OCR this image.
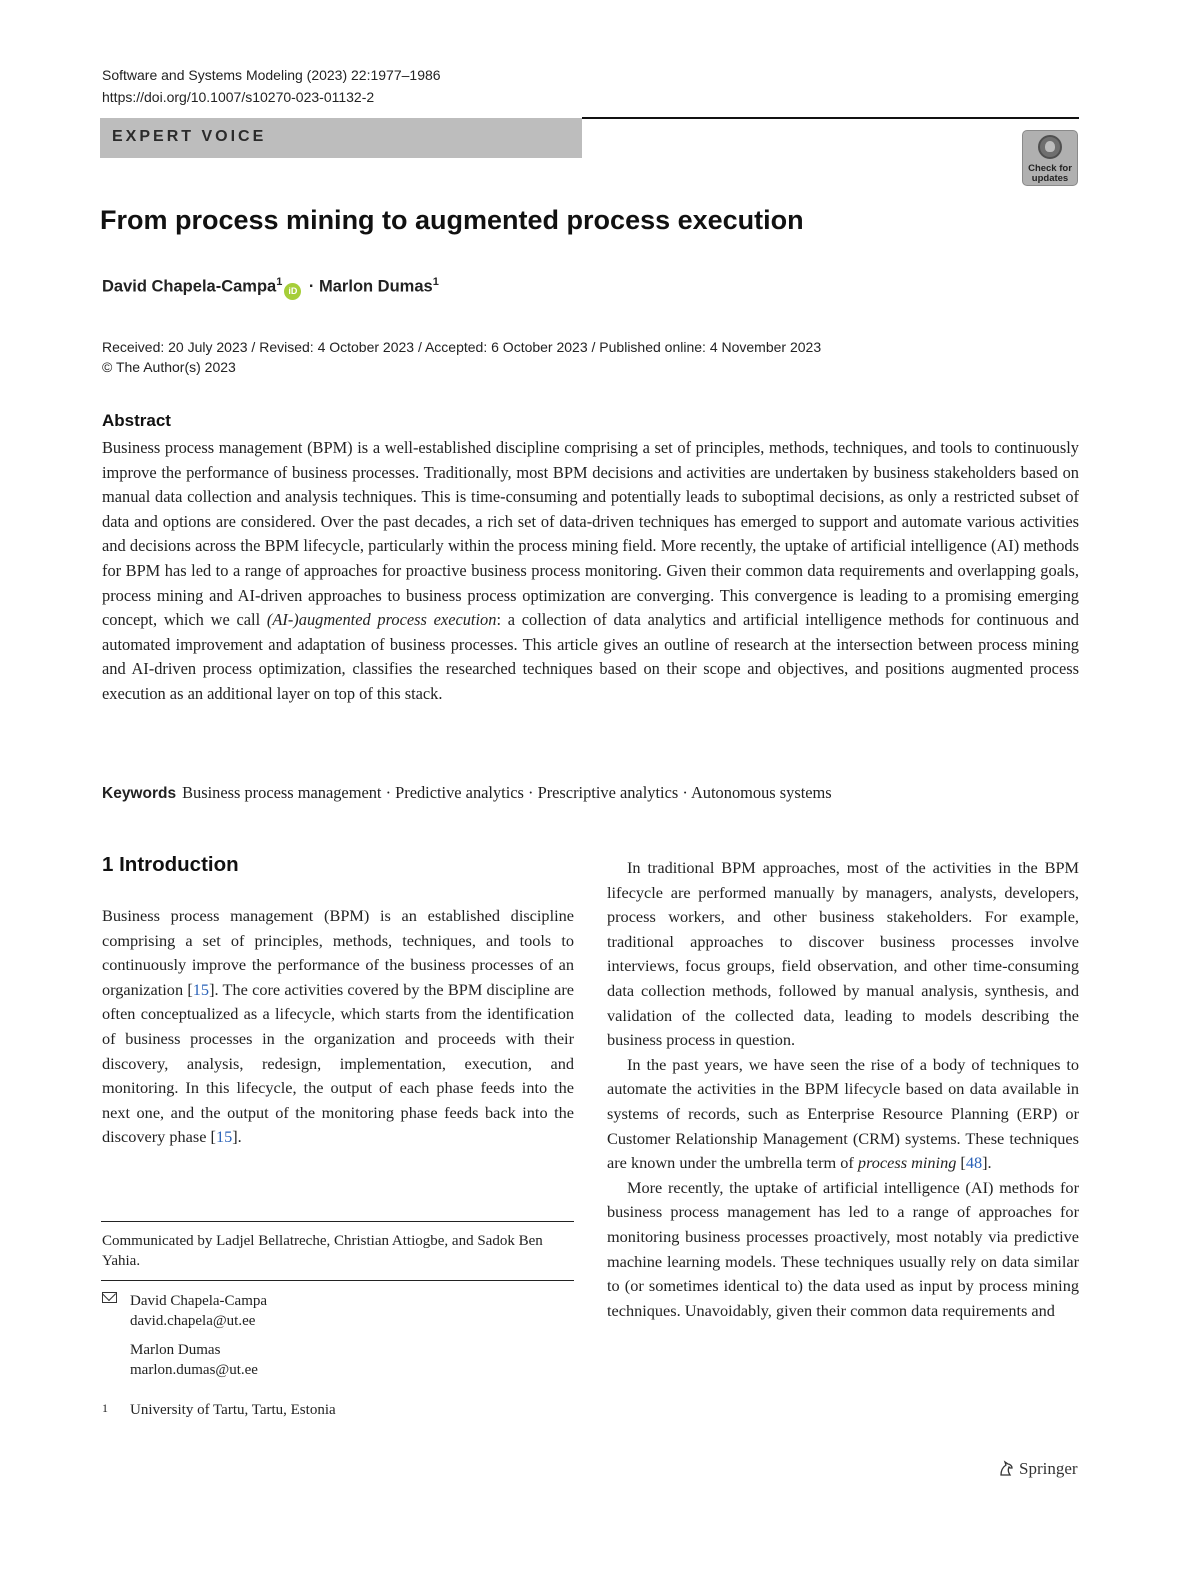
Software and Systems Modeling (2023) 22:1977–1986
https://doi.org/10.1007/s10270-023-01132-2
EXPERT VOICE
Check for updates
From process mining to augmented process execution
David Chapela-Campa$^1$iD · Marlon Dumas$^1$
Received: 20 July 2023 / Revised: 4 October 2023 / Accepted: 6 October 2023 / Published online: 4 November 2023
© The Author(s) 2023
Abstract
Business process management (BPM) is a well-established discipline comprising a set of principles, methods, techniques, and tools to continuously improve the performance of business processes. Traditionally, most BPM decisions and activities are undertaken by business stakeholders based on manual data collection and analysis techniques. This is time-consuming and potentially leads to suboptimal decisions, as only a restricted subset of data and options are considered. Over the past decades, a rich set of data-driven techniques has emerged to support and automate various activities and decisions across the BPM lifecycle, particularly within the process mining field. More recently, the uptake of artificial intelligence (AI) methods for BPM has led to a range of approaches for proactive business process monitoring. Given their common data requirements and overlapping goals, process mining and AI-driven approaches to business process optimization are converging. This convergence is leading to a promising emerging concept, which we call (AI-)augmented process execution: a collection of data analytics and artificial intelligence methods for continuous and automated improvement and adaptation of business processes. This article gives an outline of research at the intersection between process mining and AI-driven process optimization, classifies the researched techniques based on their scope and objectives, and positions augmented process execution as an additional layer on top of this stack.
Keywords Business process management · Predictive analytics · Prescriptive analytics · Autonomous systems
1 Introduction

Business process management (BPM) is an established discipline comprising a set of principles, methods, techniques, and tools to continuously improve the performance of the business processes of an organization [15]. The core activities covered by the BPM discipline are often conceptualized as a lifecycle, which starts from the identification of business processes in the organization and proceeds with their discovery, analysis, redesign, implementation, execution, and monitoring. In this lifecycle, the output of each phase feeds into the next one, and the output of the monitoring phase feeds back into the discovery phase [15].

In traditional BPM approaches, most of the activities in the BPM lifecycle are performed manually by managers, analysts, developers, process workers, and other business stakeholders. For example, traditional approaches to discover business processes involve interviews, focus groups, field observation, and other time-consuming data collection methods, followed by manual analysis, synthesis, and validation of the collected data, leading to models describing the business process in question.

In the past years, we have seen the rise of a body of techniques to automate the activities in the BPM lifecycle based on data available in systems of records, such as Enterprise Resource Planning (ERP) or Customer Relationship Management (CRM) systems. These techniques are known under the umbrella term of process mining [48].

More recently, the uptake of artificial intelligence (AI) methods for business process management has led to a range of approaches for monitoring business processes proactively, most notably via predictive machine learning models. These techniques usually rely on data similar to (or sometimes identical to) the data used as input by process mining techniques. Unavoidably, given their common data requirements and

Communicated by Ladjel Bellatreche, Christian Attiogbe, and Sadok Ben Yahia.
David Chapela-Campa
david.chapela@ut.ee
Marlon Dumas
marlon.dumas@ut.ee
1 University of Tartu, Tartu, Estonia
Springer
